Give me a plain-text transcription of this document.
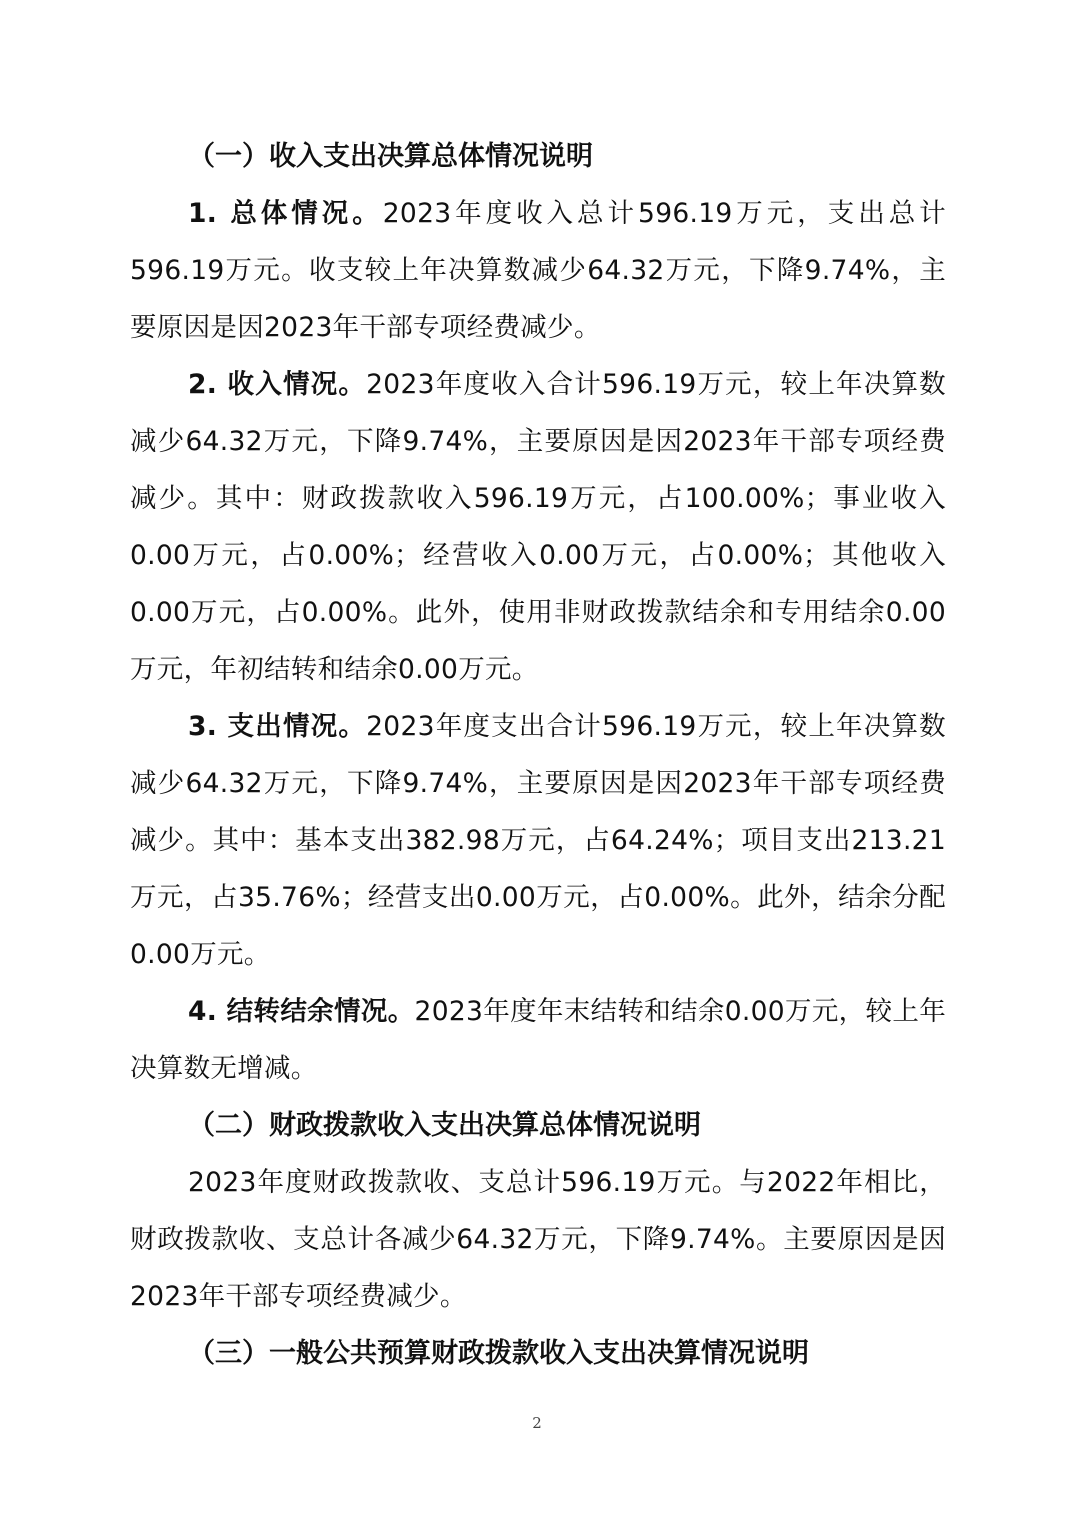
（一）收入支出决算总体情况说明

1. 总体情况。2023年度收入总计596.19万元，支出总计596.19万元。收支较上年决算数减少64.32万元，下降9.74%，主要原因是因2023年干部专项经费减少。

2. 收入情况。2023年度收入合计596.19万元，较上年决算数减少64.32万元，下降9.74%，主要原因是因2023年干部专项经费减少。其中：财政拨款收入596.19万元，占100.00%；事业收入0.00万元，占0.00%；经营收入0.00万元，占0.00%；其他收入0.00万元，占0.00%。此外，使用非财政拨款结余和专用结余0.00万元，年初结转和结余0.00万元。

3. 支出情况。2023年度支出合计596.19万元，较上年决算数减少64.32万元，下降9.74%，主要原因是因2023年干部专项经费减少。其中：基本支出382.98万元，占64.24%；项目支出213.21万元，占35.76%；经营支出0.00万元，占0.00%。此外，结余分配0.00万元。

4. 结转结余情况。2023年度年末结转和结余0.00万元，较上年决算数无增减。

（二）财政拨款收入支出决算总体情况说明

2023年度财政拨款收、支总计596.19万元。与2022年相比，财政拨款收、支总计各减少64.32万元，下降9.74%。主要原因是因2023年干部专项经费减少。

（三）一般公共预算财政拨款收入支出决算情况说明
2
